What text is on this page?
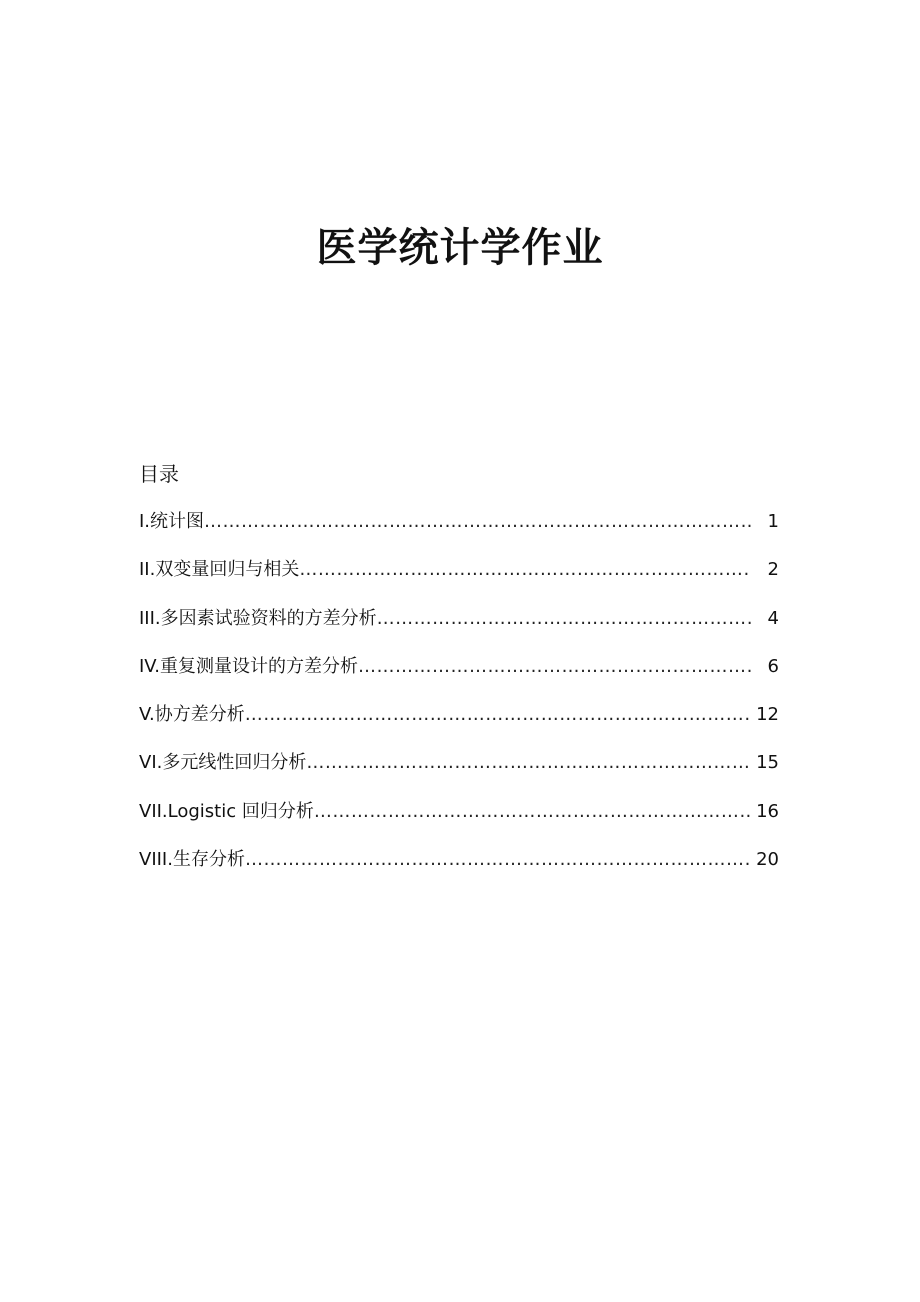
医学统计学作业
目录
I.统计图 ……………………………………………………………………………………………………………………………………………………………………………………………………………………	1
II.双变量回归与相关 ……………………………………………………………………………………………………………………………………………………………………………………………………………………	2
III.多因素试验资料的方差分析 ……………………………………………………………………………………………………………………………………………………………………………………………………………………	4
IV.重复测量设计的方差分析 ……………………………………………………………………………………………………………………………………………………………………………………………………………………	6
V.协方差分析 ……………………………………………………………………………………………………………………………………………………………………………………………………………………	12
VI.多元线性回归分析 ……………………………………………………………………………………………………………………………………………………………………………………………………………………	15
VII.Logistic 回归分析 ……………………………………………………………………………………………………………………………………………………………………………………………………………………	16
VIII.生存分析 ……………………………………………………………………………………………………………………………………………………………………………………………………………………	20
